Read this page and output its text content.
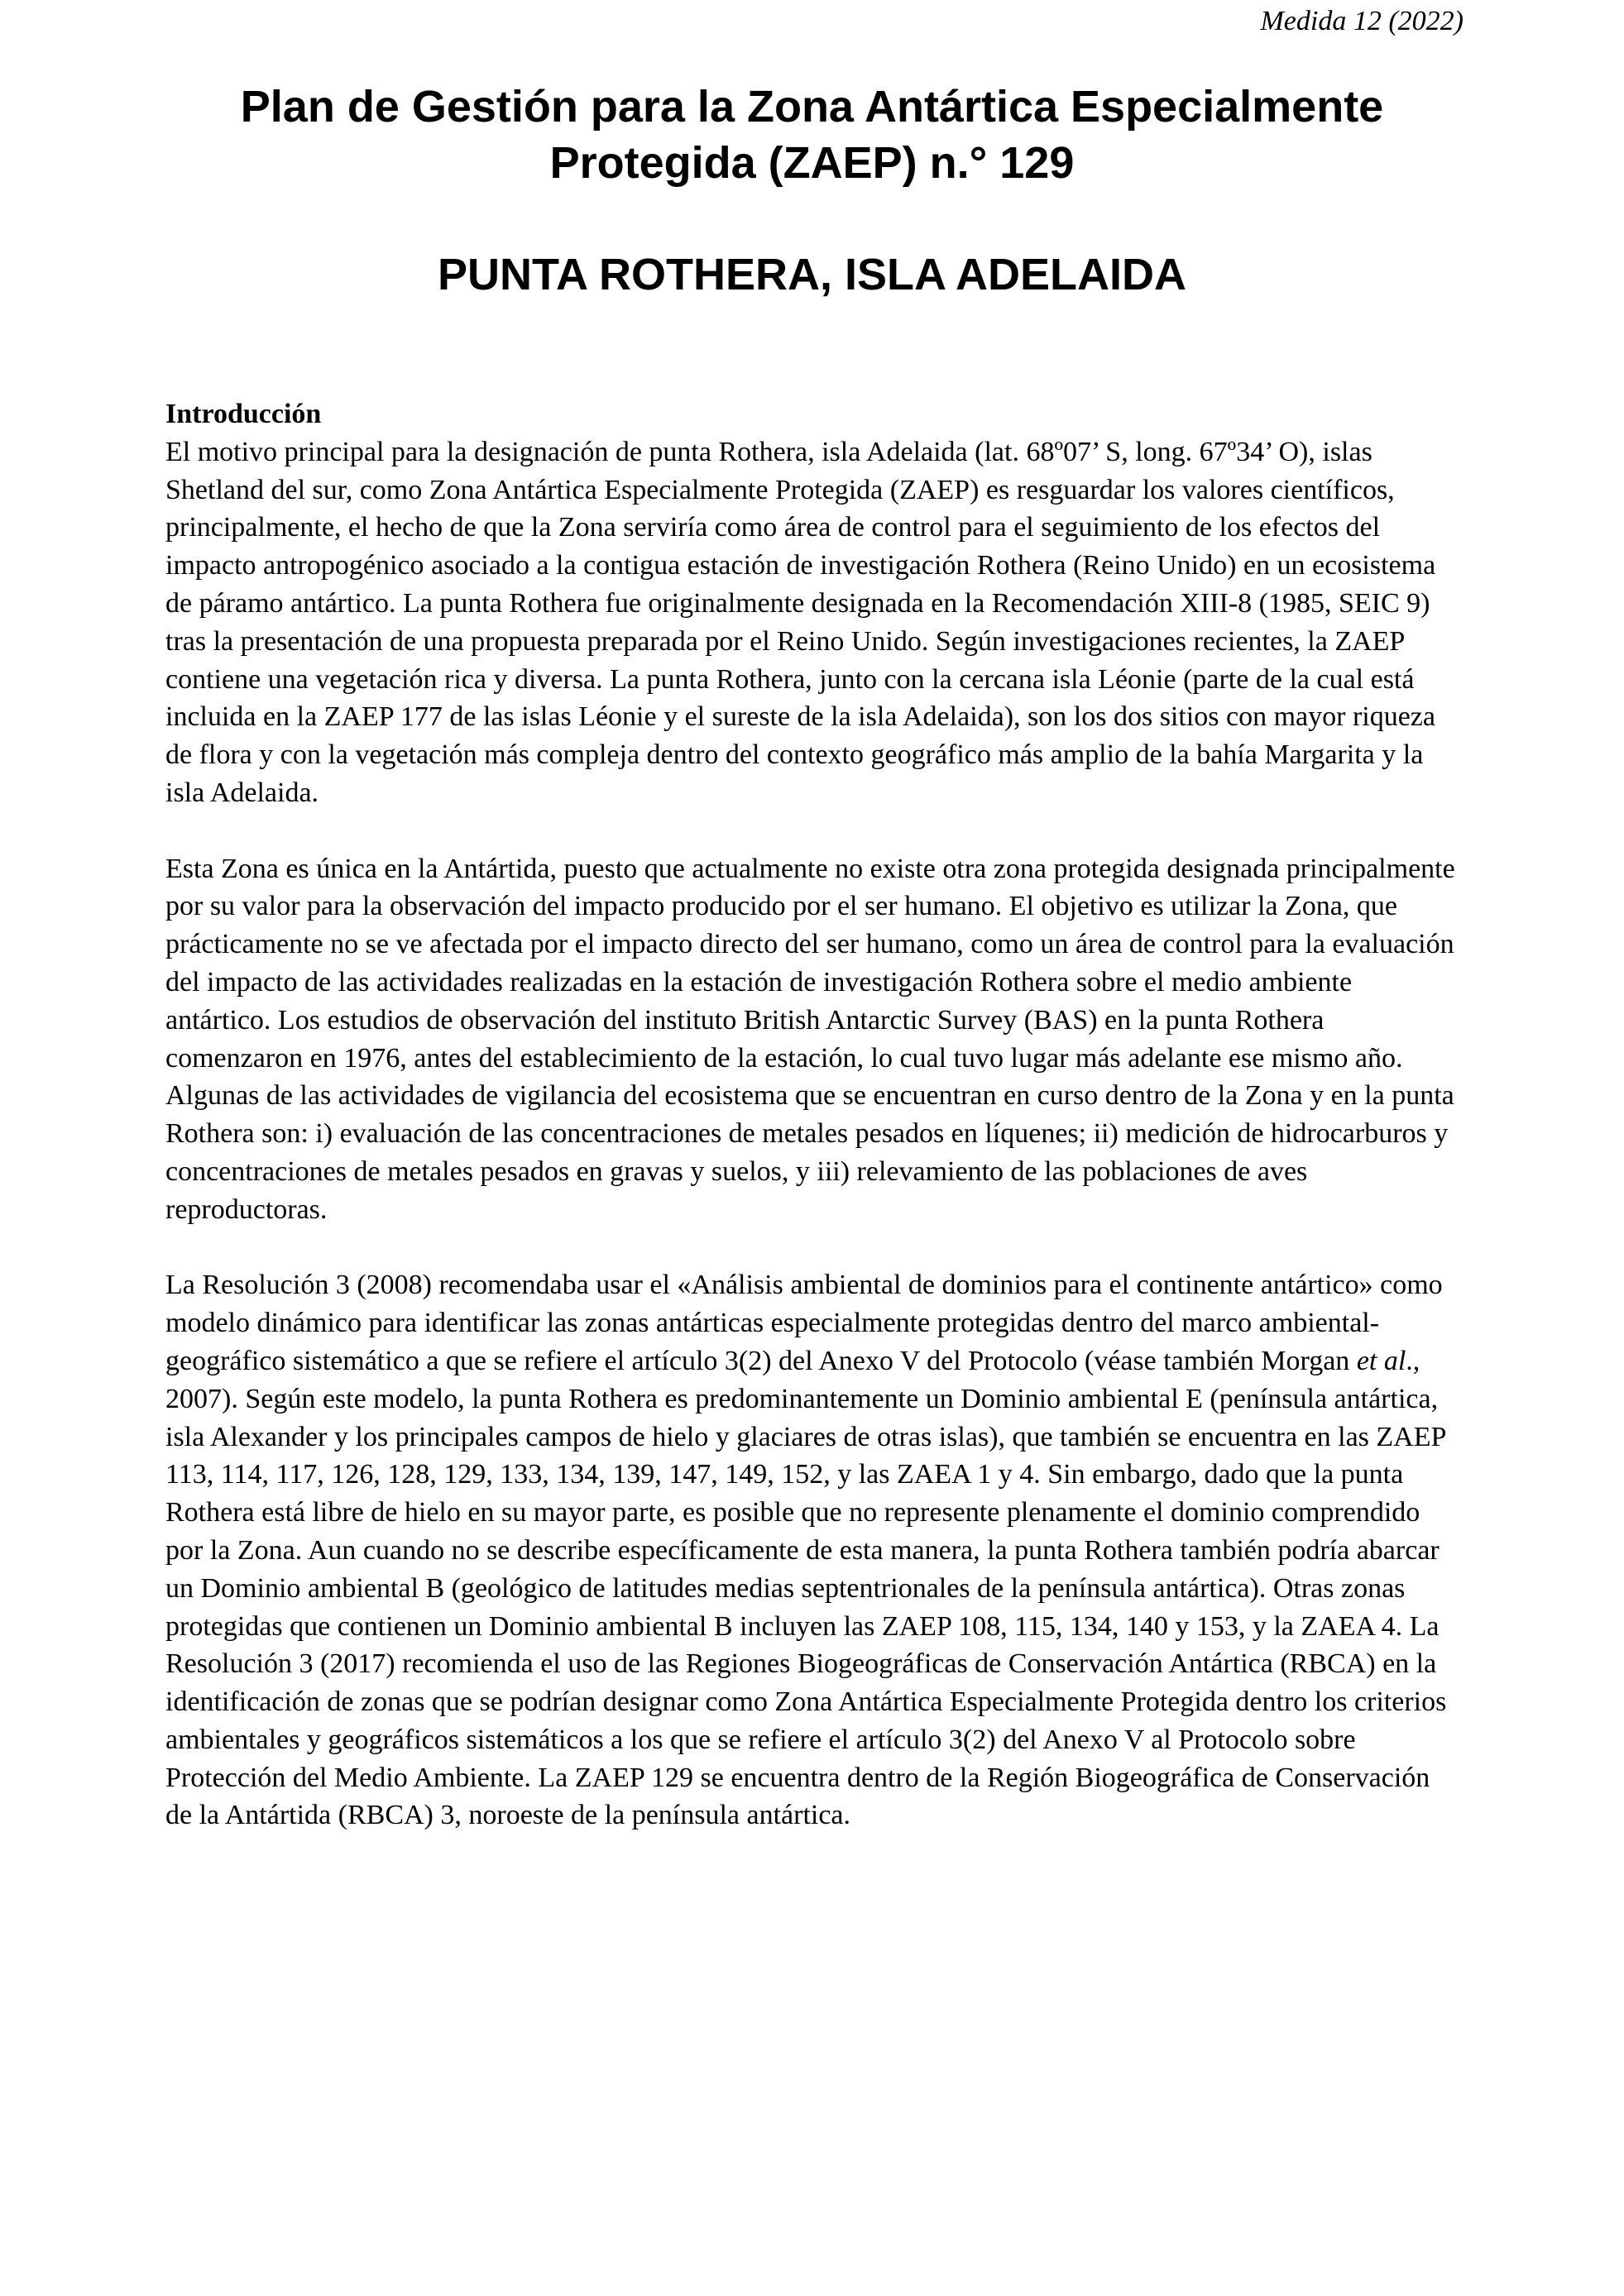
Medida 12 (2022)

Plan de Gestión para la Zona Antártica Especialmente
Protegida (ZAEP) n.° 129
PUNTA ROTHERA, ISLA ADELAIDA
Introducción

El motivo principal para la designación de punta Rothera, isla Adelaida (lat. 68º07’ S, long. 67º34’ O), islas Shetland del sur, como Zona Antártica Especialmente Protegida (ZAEP) es resguardar los valores científicos, principalmente, el hecho de que la Zona serviría como área de control para el seguimiento de los efectos del impacto antropogénico asociado a la contigua estación de investigación Rothera (Reino Unido) en un ecosistema de páramo antártico. La punta Rothera fue originalmente designada en la Recomendación XIII-8 (1985, SEIC 9) tras la presentación de una propuesta preparada por el Reino Unido. Según investigaciones recientes, la ZAEP contiene una vegetación rica y diversa. La punta Rothera, junto con la cercana isla Léonie (parte de la cual está incluida en la ZAEP 177 de las islas Léonie y el sureste de la isla Adelaida), son los dos sitios con mayor riqueza de flora y con la vegetación más compleja dentro del contexto geográfico más amplio de la bahía Margarita y la isla Adelaida.

Esta Zona es única en la Antártida, puesto que actualmente no existe otra zona protegida designada principalmente por su valor para la observación del impacto producido por el ser humano. El objetivo es utilizar la Zona, que prácticamente no se ve afectada por el impacto directo del ser humano, como un área de control para la evaluación del impacto de las actividades realizadas en la estación de investigación Rothera sobre el medio ambiente antártico. Los estudios de observación del instituto British Antarctic Survey (BAS) en la punta Rothera comenzaron en 1976, antes del establecimiento de la estación, lo cual tuvo lugar más adelante ese mismo año. Algunas de las actividades de vigilancia del ecosistema que se encuentran en curso dentro de la Zona y en la punta Rothera son: i) evaluación de las concentraciones de metales pesados en líquenes; ii) medición de hidrocarburos y concentraciones de metales pesados en gravas y suelos, y iii) relevamiento de las poblaciones de aves reproductoras.

La Resolución 3 (2008) recomendaba usar el «Análisis ambiental de dominios para el continente antártico» como modelo dinámico para identificar las zonas antárticas especialmente protegidas dentro del marco ambiental-geográfico sistemático a que se refiere el artículo 3(2) del Anexo V del Protocolo (véase también Morgan et al., 2007). Según este modelo, la punta Rothera es predominantemente un Dominio ambiental E (península antártica, isla Alexander y los principales campos de hielo y glaciares de otras islas), que también se encuentra en las ZAEP 113, 114, 117, 126, 128, 129, 133, 134, 139, 147, 149, 152, y las ZAEA 1 y 4. Sin embargo, dado que la punta Rothera está libre de hielo en su mayor parte, es posible que no represente plenamente el dominio comprendido por la Zona. Aun cuando no se describe específicamente de esta manera, la punta Rothera también podría abarcar un Dominio ambiental B (geológico de latitudes medias septentrionales de la península antártica). Otras zonas protegidas que contienen un Dominio ambiental B incluyen las ZAEP 108, 115, 134, 140 y 153, y la ZAEA 4. La Resolución 3 (2017) recomienda el uso de las Regiones Biogeográficas de Conservación Antártica (RBCA) en la identificación de zonas que se podrían designar como Zona Antártica Especialmente Protegida dentro los criterios ambientales y geográficos sistemáticos a los que se refiere el artículo 3(2) del Anexo V al Protocolo sobre Protección del Medio Ambiente. La ZAEP 129 se encuentra dentro de la Región Biogeográfica de Conservación de la Antártida (RBCA) 3, noroeste de la península antártica.
